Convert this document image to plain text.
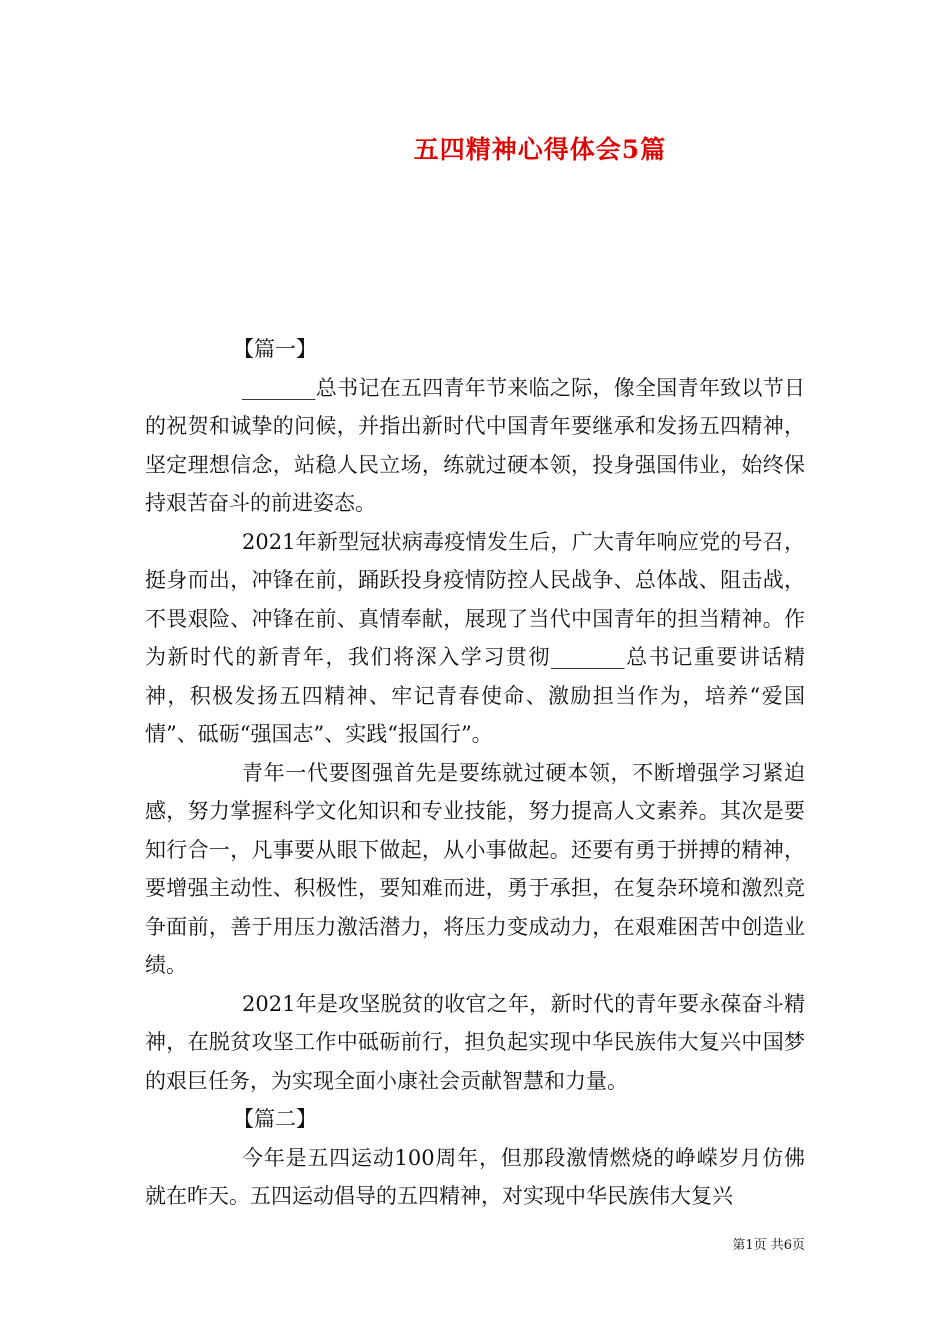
五四精神心得体会5篇

【篇一】

_______总书记在五四青年节来临之际，像全国青年致以节日的祝贺和诚挚的问候，并指出新时代中国青年要继承和发扬五四精神，坚定理想信念，站稳人民立场，练就过硬本领，投身强国伟业，始终保持艰苦奋斗的前进姿态。

2021年新型冠状病毒疫情发生后，广大青年响应党的号召，挺身而出，冲锋在前，踊跃投身疫情防控人民战争、总体战、阻击战，不畏艰险、冲锋在前、真情奉献，展现了当代中国青年的担当精神。作为新时代的新青年，我们将深入学习贯彻_______总书记重要讲话精神，积极发扬五四精神、牢记青春使命、激励担当作为，培养“爱国情”、砥砺“强国志”、实践“报国行”。

青年一代要图强首先是要练就过硬本领，不断增强学习紧迫感，努力掌握科学文化知识和专业技能，努力提高人文素养。其次是要知行合一，凡事要从眼下做起，从小事做起。还要有勇于拼搏的精神，要增强主动性、积极性，要知难而进，勇于承担，在复杂环境和激烈竞争面前，善于用压力激活潜力，将压力变成动力，在艰难困苦中创造业绩。

2021年是攻坚脱贫的收官之年，新时代的青年要永葆奋斗精神，在脱贫攻坚工作中砥砺前行，担负起实现中华民族伟大复兴中国梦的艰巨任务，为实现全面小康社会贡献智慧和力量。

【篇二】

今年是五四运动100周年，但那段激情燃烧的峥嵘岁月仿佛就在昨天。五四运动倡导的五四精神，对实现中华民族伟大复兴

第1页 共6页
